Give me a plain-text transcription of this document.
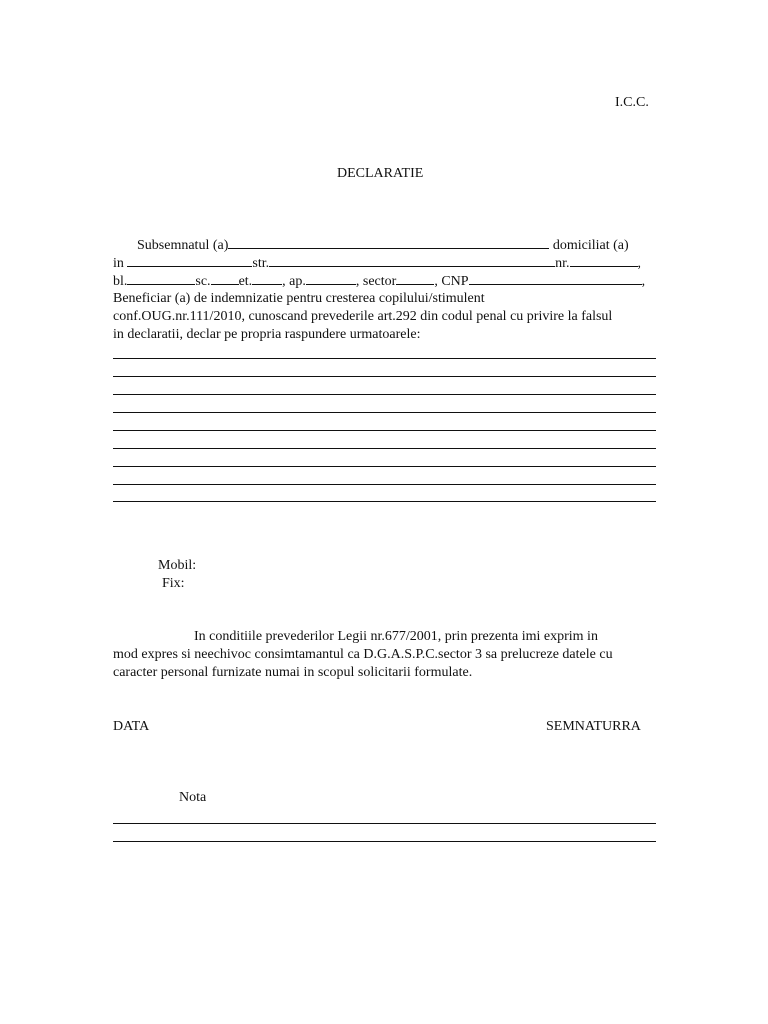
I.C.C.
DECLARATIE
Subsemnatul (a)	domiciliat (a)
in	str.	nr.	,
bl.	sc. et. , ap.	, sector	, CNP	,
Beneficiar (a) de indemnizatie pentru cresterea copilului/stimulent
conf.OUG.nr.111/2010, cunoscand prevederile art.292 din codul penal cu privire la falsul
in declaratii, declar pe propria raspundere urmatoarele:
Mobil:
Fix:
In conditiile prevederilor Legii nr.677/2001, prin prezenta imi exprim in
mod expres si neechivoc consimtamantul ca D.G.A.S.P.C.sector 3 sa prelucreze datele cu
caracter personal furnizate numai in scopul solicitarii formulate.
DATA	SEMNATURRA
Nota
